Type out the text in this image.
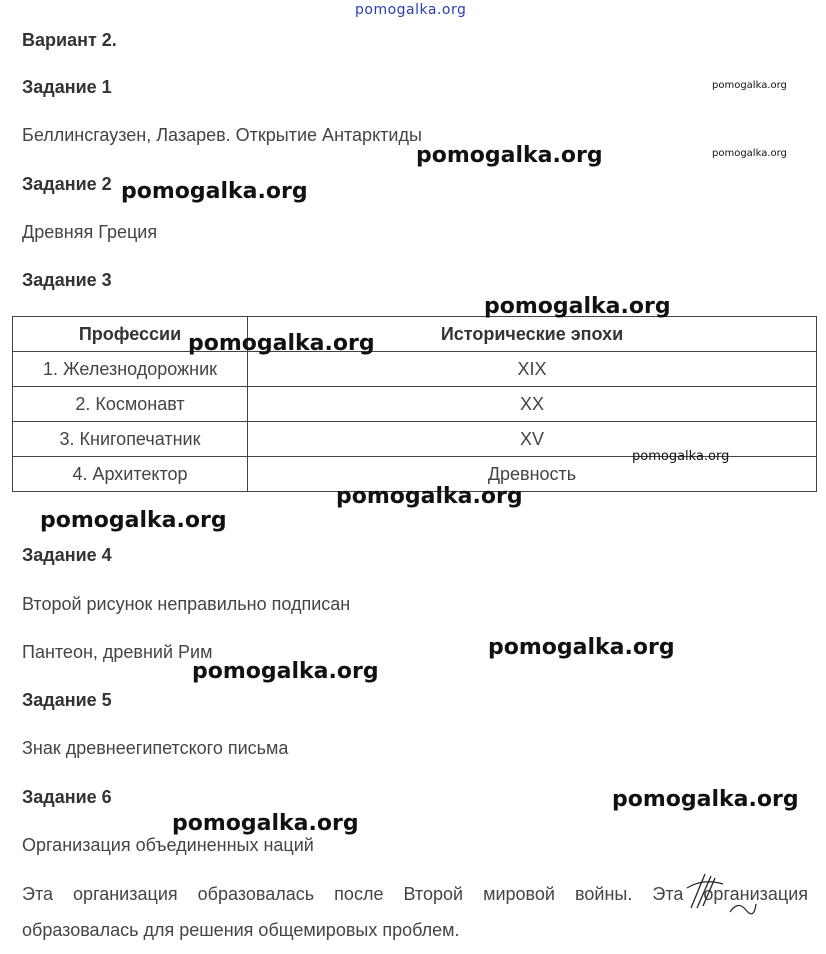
pomogalka.org
Вариант 2.
Задание 1
Беллинсгаузен, Лазарев. Открытие Антарктиды
Задание 2
Древняя Греция
Задание 3
Профессии	Исторические эпохи
1. Железнодорожник	XIX
2. Космонавт	XX
3. Книгопечатник	XV
4. Архитектор	Древность
Задание 4
Второй рисунок неправильно подписан
Пантеон, древний Рим
Задание 5
Знак древнеегипетского письма
Задание 6
Организация объединенных наций
Эта организация образовалась после Второй мировой войны. Эта организация образовалась для решения общемировых проблем.
pomogalka.org
pomogalka.org
pomogalka.org
pomogalka.org
pomogalka.org
pomogalka.org
pomogalka.org
pomogalka.org
pomogalka.org
pomogalka.org
pomogalka.org
pomogalka.org
pomogalka.org
